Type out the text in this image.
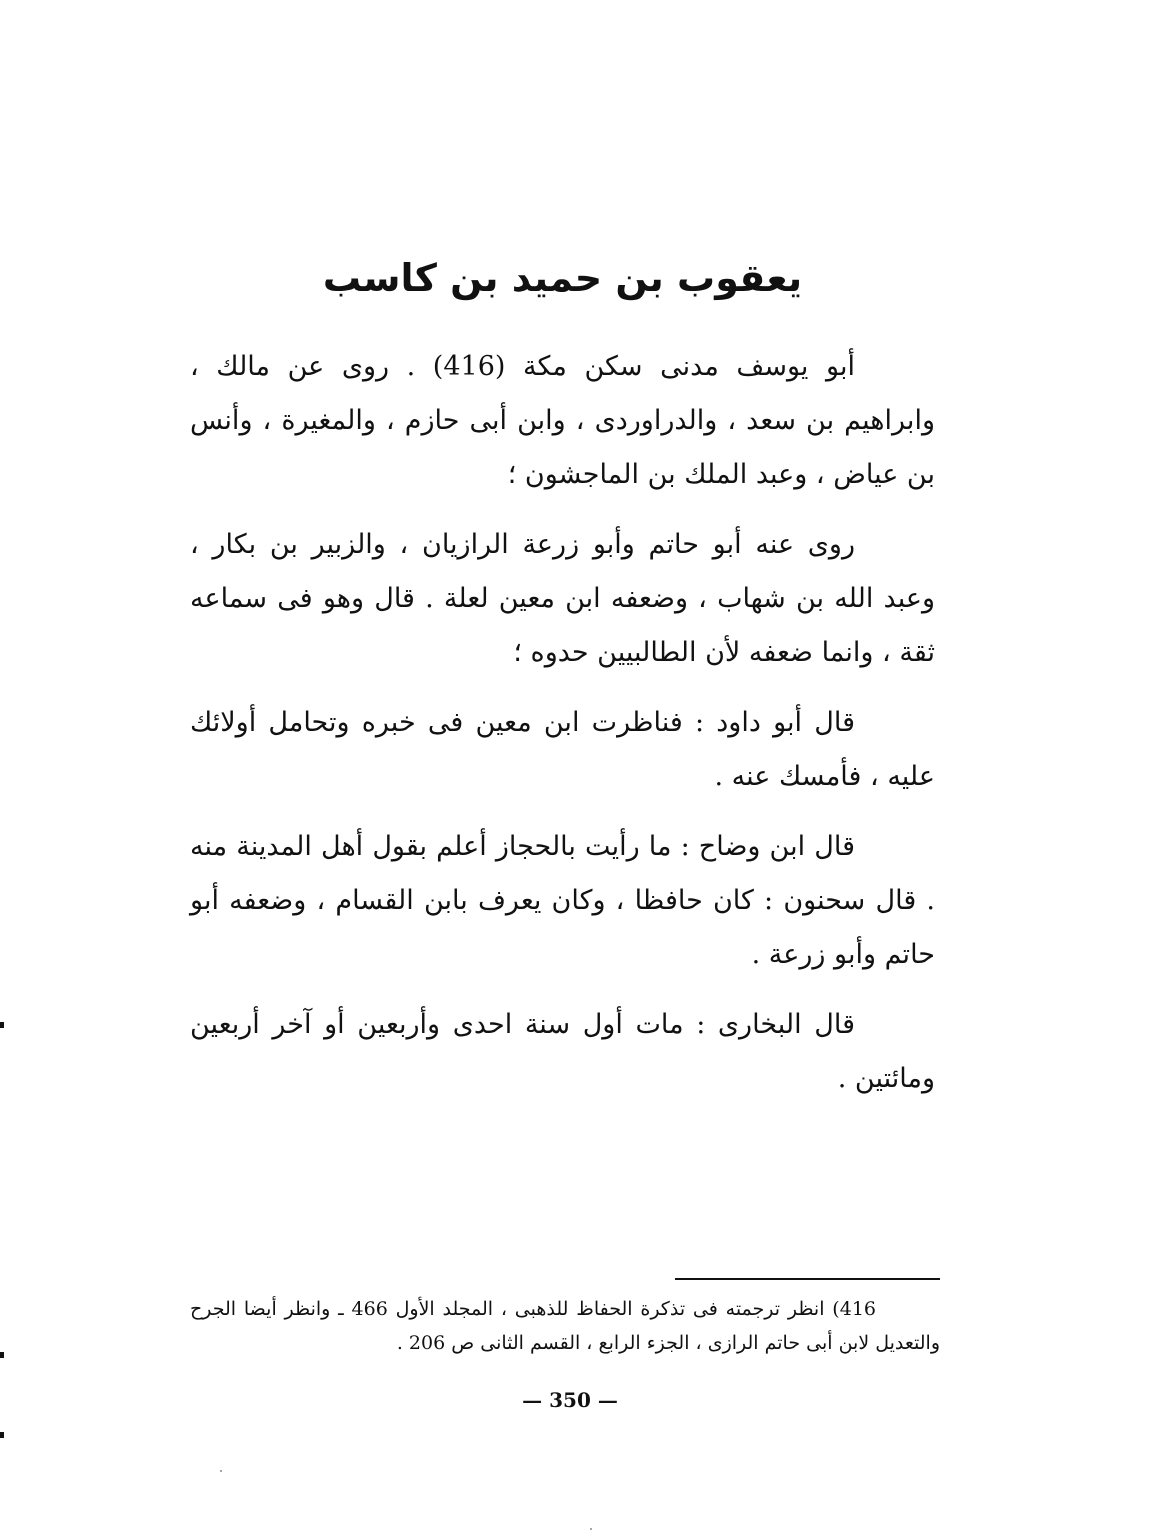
يعقوب بن حميد بن كاسب

أبو يوسف مدنى سكن مكة (416) . روى عن مالك ، وابراهيم بن سعد ، والدراوردى ، وابن أبى حازم ، والمغيرة ، وأنس بن عياض ، وعبد الملك بن الماجشون ؛

روى عنه أبو حاتم وأبو زرعة الرازيان ، والزبير بن بكار ، وعبد الله بن شهاب ، وضعفه ابن معين لعلة . قال وهو فى سماعه ثقة ، وانما ضعفه لأن الطالبيين حدوه ؛

قال أبو داود : فناظرت ابن معين فى خبره وتحامل أولائك عليه ، فأمسك عنه .

قال ابن وضاح : ما رأيت بالحجاز أعلم بقول أهل المدينة منه . قال سحنون : كان حافظا ، وكان يعرف بابن القسام ، وضعفه أبو حاتم وأبو زرعة .

قال البخارى : مات أول سنة احدى وأربعين أو آخر أربعين ومائتين .

416) انظر ترجمته فى تذكرة الحفاظ للذهبى ، المجلد الأول 466 ـ وانظر أيضا الجرح والتعديل لابن أبى حاتم الرازى ، الجزء الرابع ، القسم الثانى ص 206 .
— 350 —
